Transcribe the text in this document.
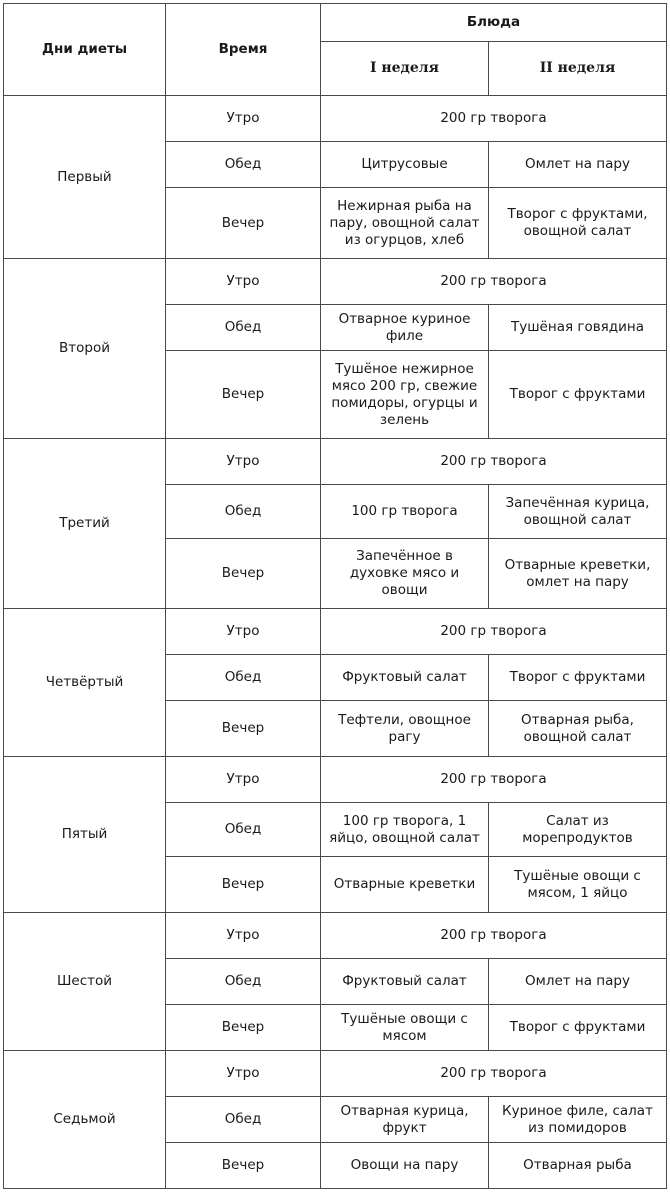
Дни диеты	Время	Блюда	
		I неделя	II неделя
Первый	Утро	200 гр творога	
	Обед	Цитрусовые	Омлет на пару
	Вечер	Нежирная рыба на пару, овощной салат из огурцов, хлеб	Творог с фруктами, овощной салат
Второй	Утро	200 гр творога	
	Обед	Отварное куриное филе	Тушёная говядина
	Вечер	Тушёное нежирное мясо 200 гр, свежие помидоры, огурцы и зелень	Творог с фруктами
Третий	Утро	200 гр творога	
	Обед	100 гр творога	Запечённая курица, овощной салат
	Вечер	Запечённое в духовке мясо и овощи	Отварные креветки, омлет на пару
Четвёртый	Утро	200 гр творога	
	Обед	Фруктовый салат	Творог с фруктами
	Вечер	Тефтели, овощное рагу	Отварная рыба, овощной салат
Пятый	Утро	200 гр творога	
	Обед	100 гр творога, 1 яйцо, овощной салат	Салат из морепродуктов
	Вечер	Отварные креветки	Тушёные овощи с мясом, 1 яйцо
Шестой	Утро	200 гр творога	
	Обед	Фруктовый салат	Омлет на пару
	Вечер	Тушёные овощи с мясом	Творог с фруктами
Седьмой	Утро	200 гр творога	
	Обед	Отварная курица, фрукт	Куриное филе, салат из помидоров
	Вечер	Овощи на пару	Отварная рыба
